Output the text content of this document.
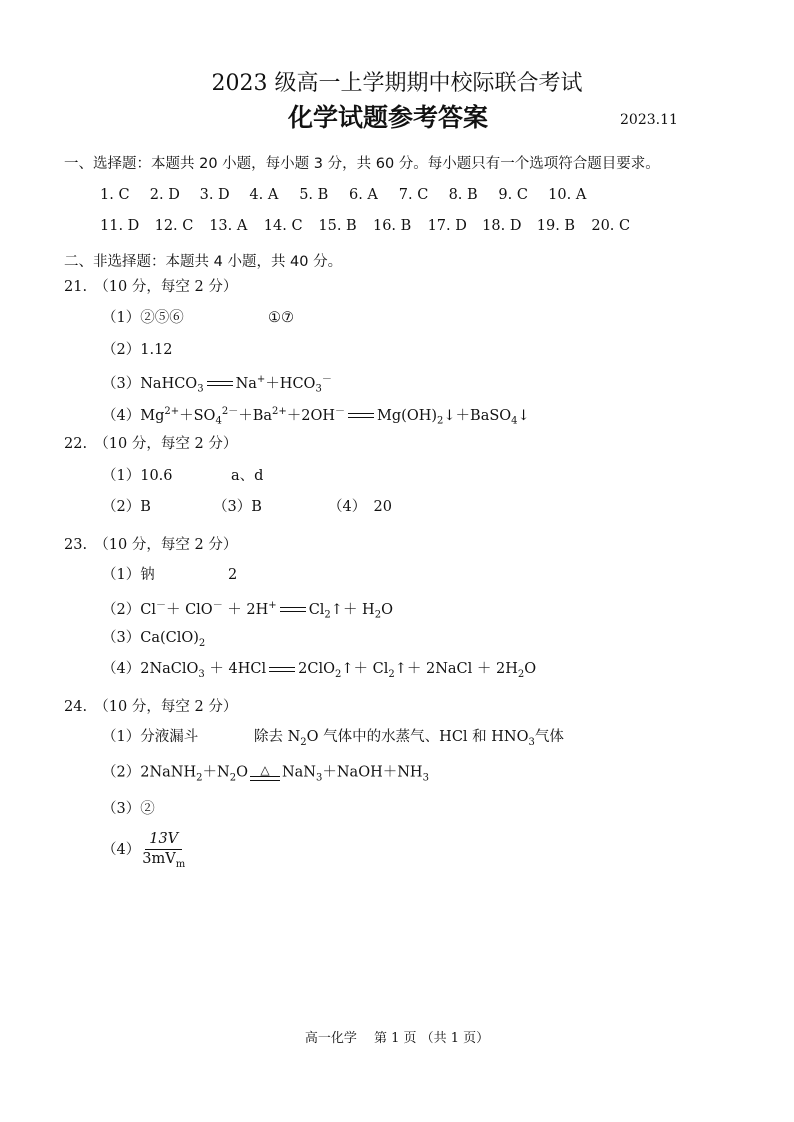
2023 级高一上学期期中校际联合考试
化学试题参考答案	2023.11
一、选择题：本题共 20 小题，每小题 3 分，共 60 分。每小题只有一个选项符合题目要求。
1. C	2. D	3. D	4. A	5. B	6. A	7. C	8. B	9. C	10. A
11. D	12. C	13. A	14. C	15. B	16. B	17. D	18. D	19. B	20. C
二、非选择题：本题共 4 小题，共 40 分。
21.　（10 分，每空 2 分）
（1）②⑤⑥	①⑦
（2）1.12
（3）NaHCO$_3$ $Na^++HCO_3^-$
$(4)Mg^{2+}+SO_4^{2-}+Ba^{2+}+2OH^-$ $Mg(OH)_2↓+BaSO_4↓$
22.　（10 分，每空 2 分）
（1）10.6	a、d
（2）B	（3）B	（4）　 20
23.　（10 分，每空 2 分）
（1）钠	2
（2）Cl－＋ ClO－ ＋ 2H+ $Cl_2↑+ H_2O$
$(3)Ca(ClO)_2$
（4）2NaClO$_3$ ＋ 4HCl 2ClO$_2$↑＋ $Cl_2↑+$ 2NaCl ＋ $2H_2O$
24.　（10 分，每空 2 分）
（1）分液漏斗	除去 $N_2O$ 气体中的水蒸气、HCl 和 $HNO_3$气体
$(2)2NaNH_2+N_2O$ △ $NaN_3+NaOH+NH_3$
（3）②
$(4) \frac{13V}{3mV_m}$
高一化学　 第 1 页 （共 1 页）
